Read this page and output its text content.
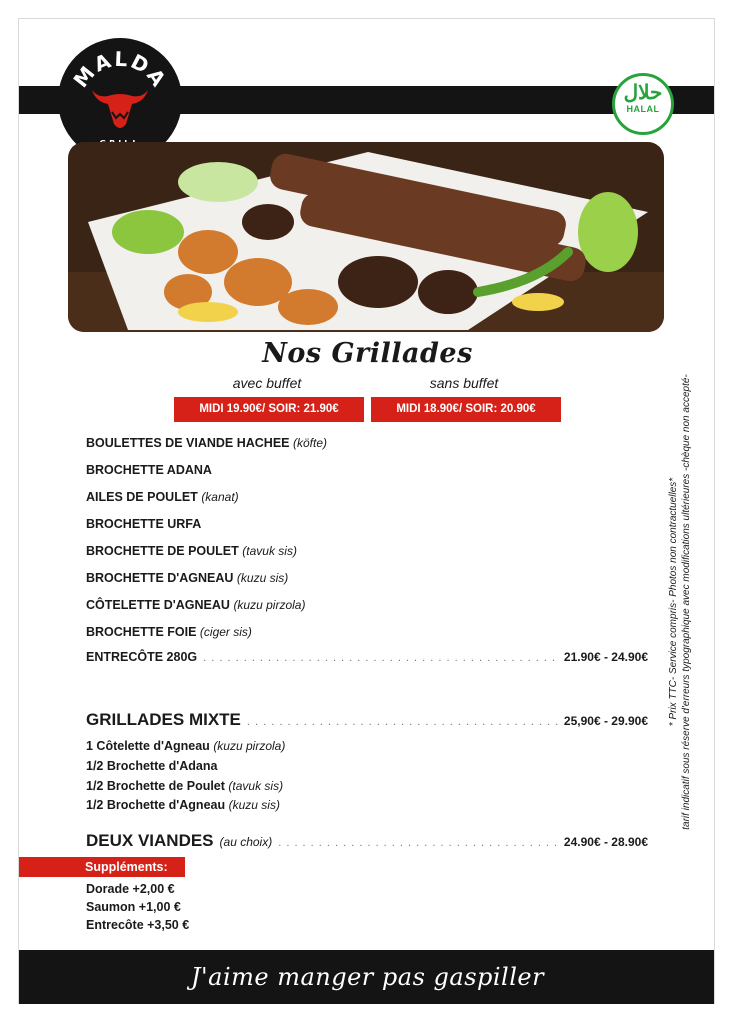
MALDA
حلال
HALAL
Nos Grillades
avec buffet	sans buffet
MIDI 19.90€/ SOIR: 21.90€	MIDI 18.90€/ SOIR: 20.90€
BOULETTES DE VIANDE HACHEE (köfte)
BROCHETTE ADANA
AILES DE POULET (kanat)
BROCHETTE URFA
BROCHETTE DE POULET (tavuk sis)
BROCHETTE D'AGNEAU (kuzu sis)
CÔTELETTE D'AGNEAU (kuzu pirzola)
BROCHETTE FOIE (ciger sis)
ENTRECÔTE 280G . . .	21.90€ - 24.90€
GRILLADES MIXTE . . .	25,90€ - 29.90€
1 Côtelette d'Agneau (kuzu pirzola)
1/2 Brochette d'Adana
1/2 Brochette de Poulet (tavuk sis)
1/2 Brochette d'Agneau (kuzu sis)
DEUX VIANDES (au choix) . . .	24.90€ - 28.90€
Suppléments:
Dorade +2,00 €
Saumon +1,00 €
Entrecôte +3,50 €
* Prix TTC- Service compris- Photos non contractuelles* tarif indicatif sous réserve d'erreurs typographique avec modifications ultérieures -chèque non accepté-
J'aime manger pas gaspiller
